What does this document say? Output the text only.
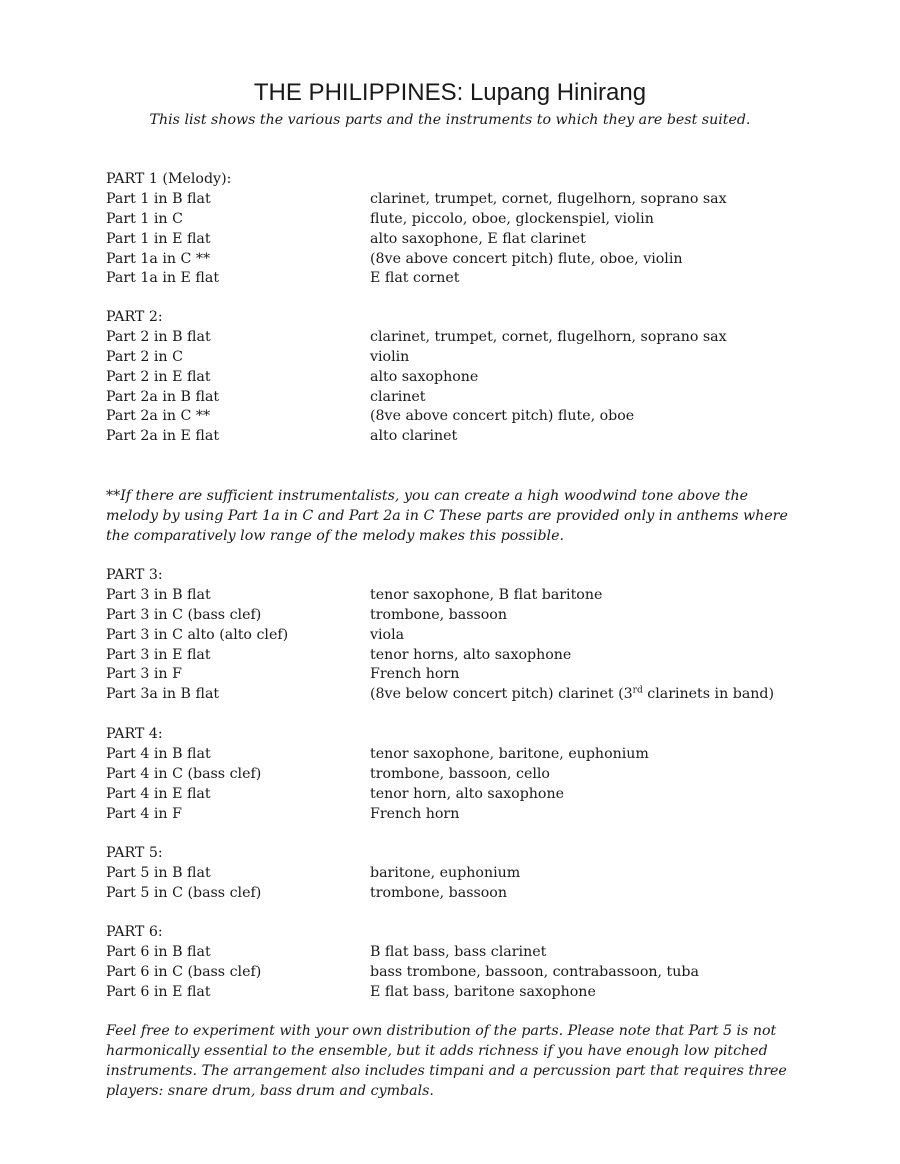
THE PHILIPPINES: Lupang Hinirang
This list shows the various parts and the instruments to which they are best suited.
PART 1 (Melody):
Part 1 in B flat	clarinet, trumpet, cornet, flugelhorn, soprano sax
Part 1 in C	flute, piccolo, oboe, glockenspiel, violin
Part 1 in E flat	alto saxophone, E flat clarinet
Part 1a in C **	(8ve above concert pitch) flute, oboe, violin
Part 1a in E flat	E flat cornet
PART 2:
Part 2 in B flat	clarinet, trumpet, cornet, flugelhorn, soprano sax
Part 2 in C	violin
Part 2 in E flat	alto saxophone
Part 2a in B flat	clarinet
Part 2a in C **	(8ve above concert pitch) flute, oboe
Part 2a in E flat	alto clarinet
**If there are sufficient instrumentalists, you can create a high woodwind tone above the melody by using Part 1a in C and Part 2a in C These parts are provided only in anthems where the comparatively low range of the melody makes this possible.
PART 3:
Part 3 in B flat	tenor saxophone, B flat baritone
Part 3 in C (bass clef)	trombone, bassoon
Part 3 in C alto (alto clef)	viola
Part 3 in E flat	tenor horns, alto saxophone
Part 3 in F	French horn
Part 3a in B flat	(8ve below concert pitch) clarinet (3rd clarinets in band)
PART 4:
Part 4 in B flat	tenor saxophone, baritone, euphonium
Part 4 in C (bass clef)	trombone, bassoon, cello
Part 4 in E flat	tenor horn, alto saxophone
Part 4 in F	French horn
PART 5:
Part 5 in B flat	baritone, euphonium
Part 5 in C (bass clef)	trombone, bassoon
PART 6:
Part 6 in B flat	B flat bass, bass clarinet
Part 6 in C (bass clef)	bass trombone, bassoon, contrabassoon, tuba
Part 6 in E flat	E flat bass, baritone saxophone
Feel free to experiment with your own distribution of the parts. Please note that Part 5 is not harmonically essential to the ensemble, but it adds richness if you have enough low pitched instruments. The arrangement also includes timpani and a percussion part that requires three players: snare drum, bass drum and cymbals.
